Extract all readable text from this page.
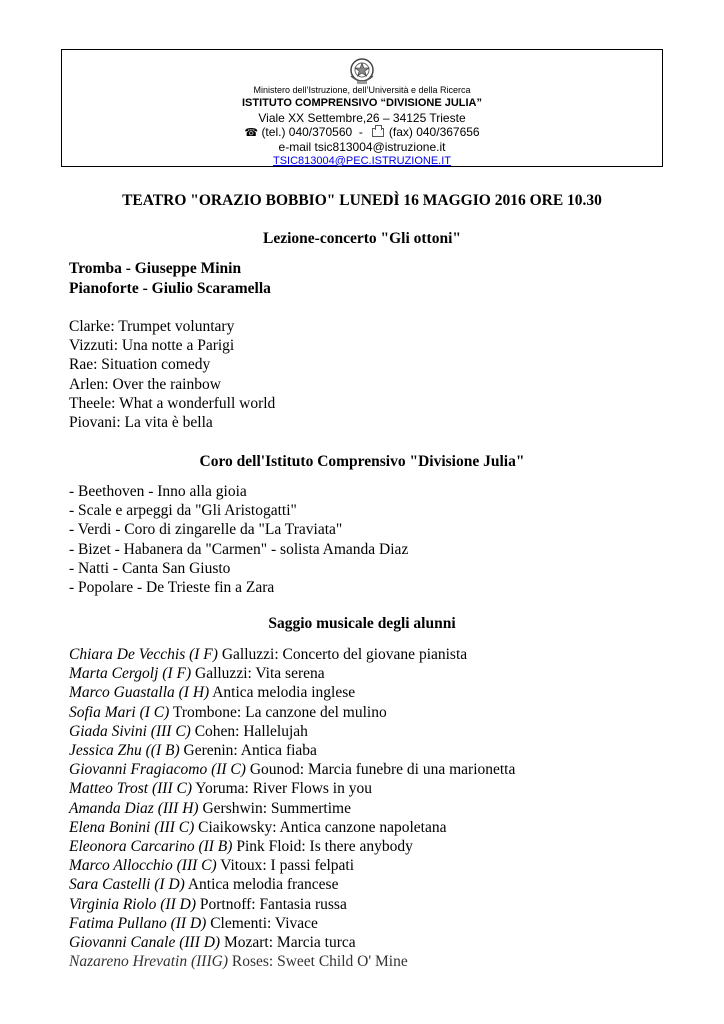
Ministero dell’Istruzione, dell’Università e della Ricerca
ISTITUTO COMPRENSIVO “DIVISIONE JULIA”
Viale XX Settembre,26 – 34125 Trieste
☎ (tel.) 040/370560  -   (fax) 040/367656
e-mail tsic813004@istruzione.it
TSIC813004@PEC.ISTRUZIONE.IT
TEATRO "ORAZIO BOBBIO" LUNEDÌ 16 MAGGIO 2016 ORE 10.30
Lezione-concerto "Gli ottoni"
Tromba - Giuseppe Minin
Pianoforte - Giulio Scaramella
Clarke: Trumpet voluntary
Vizzuti: Una notte a Parigi
Rae: Situation comedy
Arlen: Over the rainbow
Theele: What a wonderfull world
Piovani: La vita è bella
Coro dell'Istituto Comprensivo "Divisione Julia"
- Beethoven - Inno alla gioia
- Scale e arpeggi da "Gli Aristogatti"
- Verdi - Coro di zingarelle da "La Traviata"
- Bizet - Habanera da "Carmen" - solista Amanda Diaz
- Natti - Canta San Giusto
- Popolare - De Trieste fin a Zara
Saggio musicale degli alunni
Chiara De Vecchis (I F) Galluzzi: Concerto del giovane pianista
Marta Cergolj (I F) Galluzzi: Vita serena
Marco Guastalla (I H) Antica melodia inglese
Sofia Mari (I C) Trombone: La canzone del mulino
Giada Sivini (III C) Cohen: Hallelujah
Jessica Zhu ((I B) Gerenin: Antica fiaba
Giovanni Fragiacomo (II C) Gounod: Marcia funebre di una marionetta
Matteo Trost (III C) Yoruma: River Flows in you
Amanda Diaz (III H) Gershwin: Summertime
Elena Bonini (III C) Ciaikowsky: Antica canzone napoletana
Eleonora Carcarino (II B) Pink Floid: Is there anybody
Marco Allocchio (III C) Vitoux: I passi felpati
Sara Castelli (I D) Antica melodia francese
Virginia Riolo (II D) Portnoff: Fantasia russa
Fatima Pullano (II D) Clementi: Vivace
Giovanni Canale (III D) Mozart: Marcia turca
Nazareno Hrevatin (IIIG) Roses: Sweet Child O' Mine
